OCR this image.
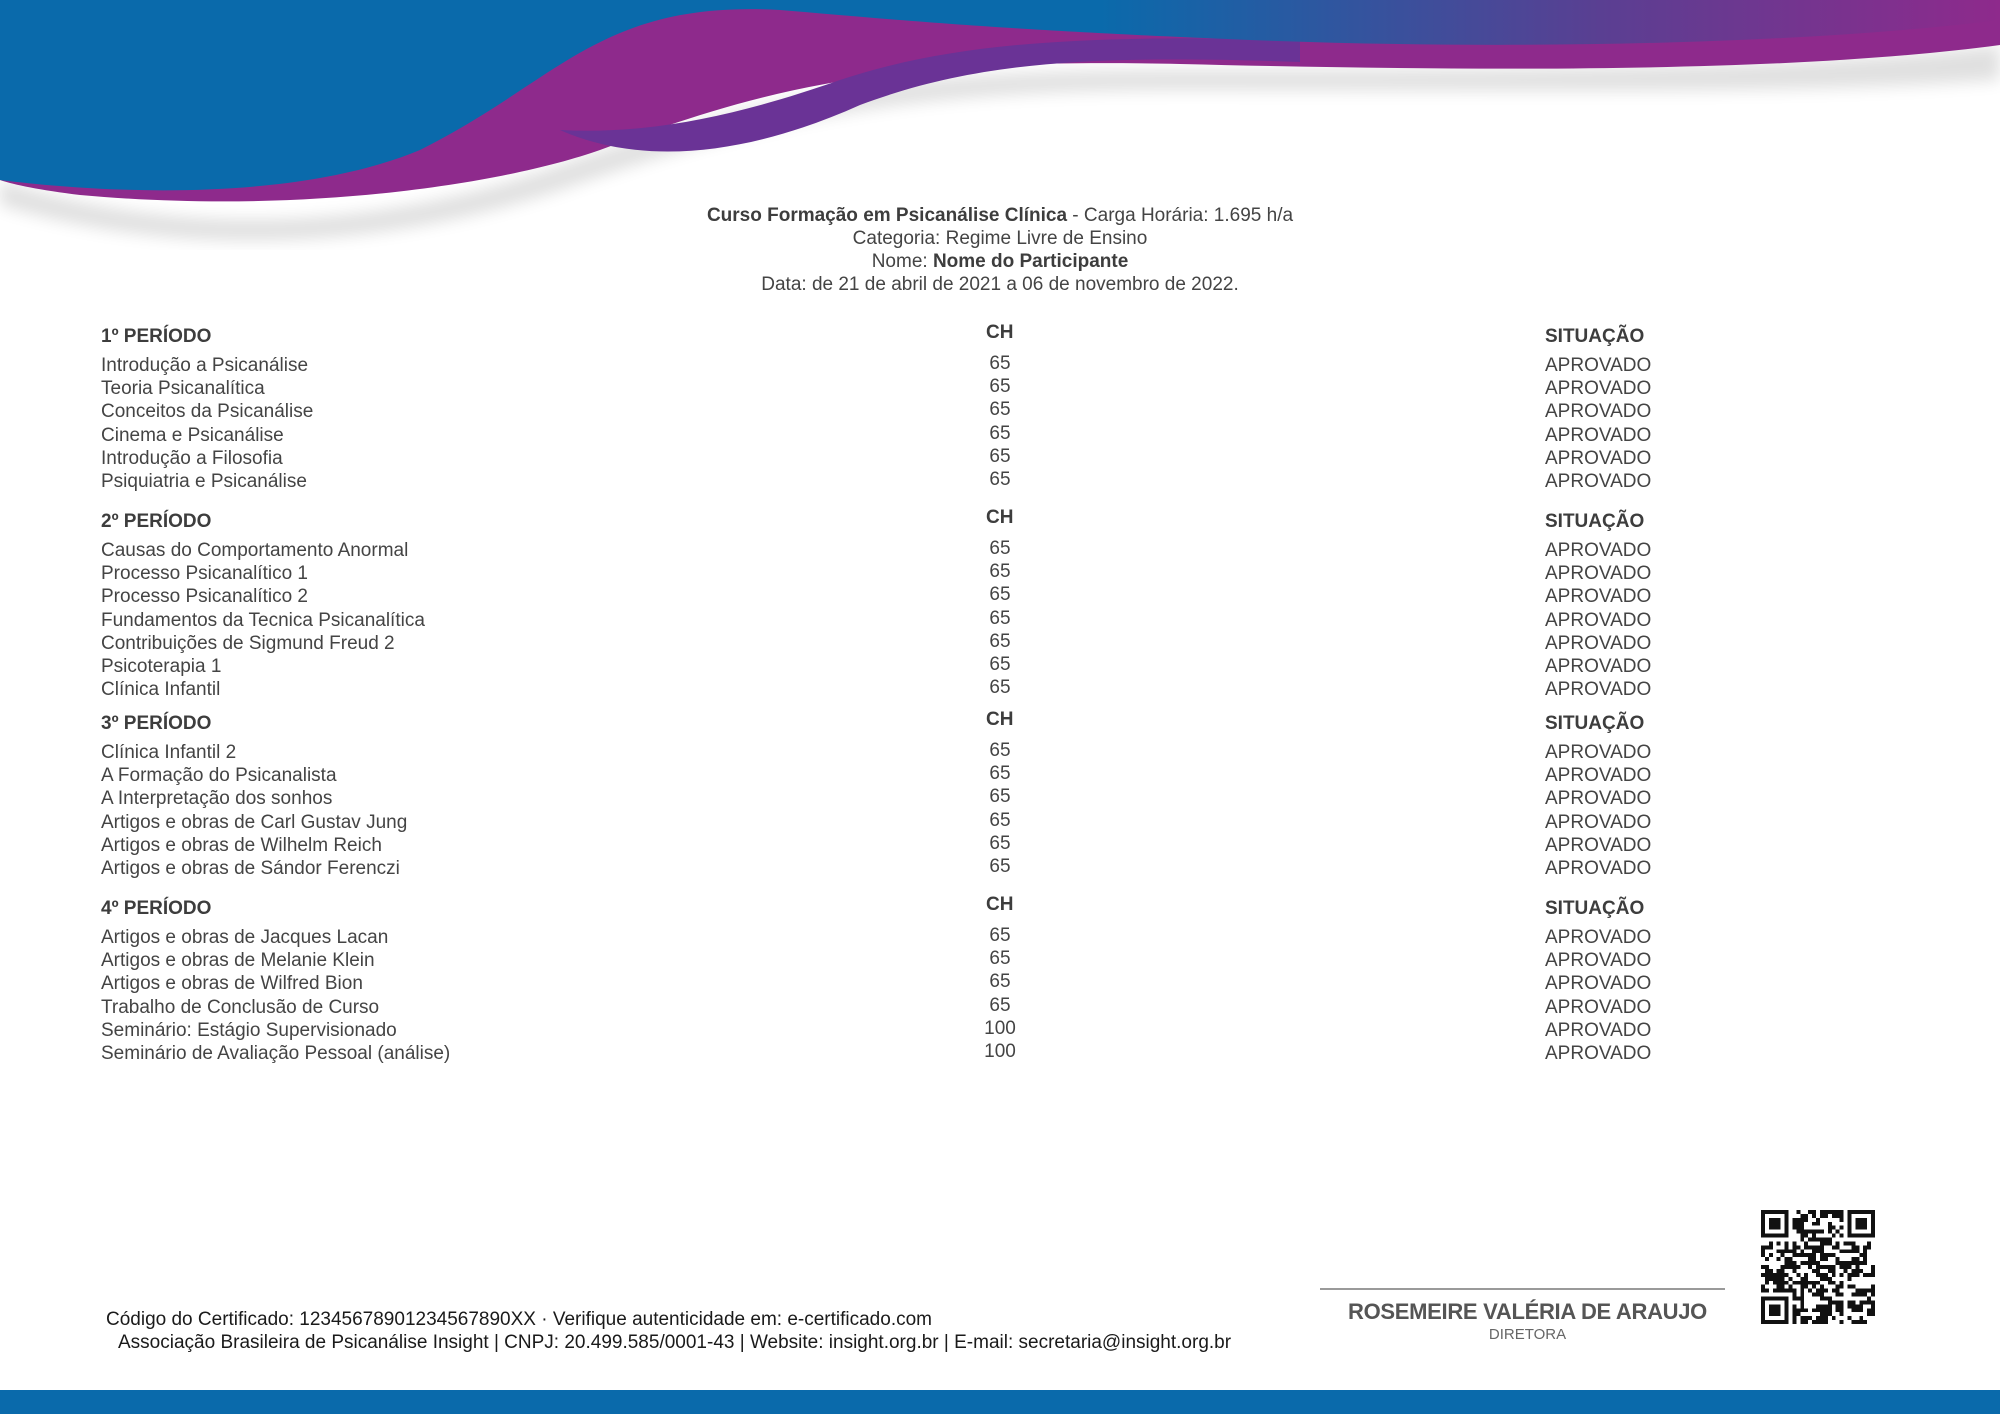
Curso Formação em Psicanálise Clínica - Carga Horária: 1.695 h/a
Categoria: Regime Livre de Ensino
Nome: Nome do Participante
Data: de 21 de abril de 2021 a 06 de novembro de 2022.
1º PERÍODO	CH	SITUAÇÃO
Introdução a Psicanálise	65	APROVADO
Teoria Psicanalítica	65	APROVADO
Conceitos da Psicanálise	65	APROVADO
Cinema e Psicanálise	65	APROVADO
Introdução a Filosofia	65	APROVADO
Psiquiatria e Psicanálise	65	APROVADO
2º PERÍODO	CH	SITUAÇÃO
Causas do Comportamento Anormal	65	APROVADO
Processo Psicanalítico 1	65	APROVADO
Processo Psicanalítico 2	65	APROVADO
Fundamentos da Tecnica Psicanalítica	65	APROVADO
Contribuições de Sigmund Freud 2	65	APROVADO
Psicoterapia 1	65	APROVADO
Clínica Infantil	65	APROVADO
3º PERÍODO	CH	SITUAÇÃO
Clínica Infantil 2	65	APROVADO
A Formação do Psicanalista	65	APROVADO
A Interpretação dos sonhos	65	APROVADO
Artigos e obras de Carl Gustav Jung	65	APROVADO
Artigos e obras de Wilhelm Reich	65	APROVADO
Artigos e obras de Sándor Ferenczi	65	APROVADO
4º PERÍODO	CH	SITUAÇÃO
Artigos e obras de Jacques Lacan	65	APROVADO
Artigos e obras de Melanie Klein	65	APROVADO
Artigos e obras de Wilfred Bion	65	APROVADO
Trabalho de Conclusão de Curso	65	APROVADO
Seminário: Estágio Supervisionado	100	APROVADO
Seminário de Avaliação Pessoal (análise)	100	APROVADO
Código do Certificado: 12345678901234567890XX · Verifique autenticidade em: e-certificado.com
Associação Brasileira de Psicanálise Insight | CNPJ: 20.499.585/0001-43 | Website: insight.org.br | E-mail: secretaria@insight.org.br
ROSEMEIRE VALÉRIA DE ARAUJO
DIRETORA
